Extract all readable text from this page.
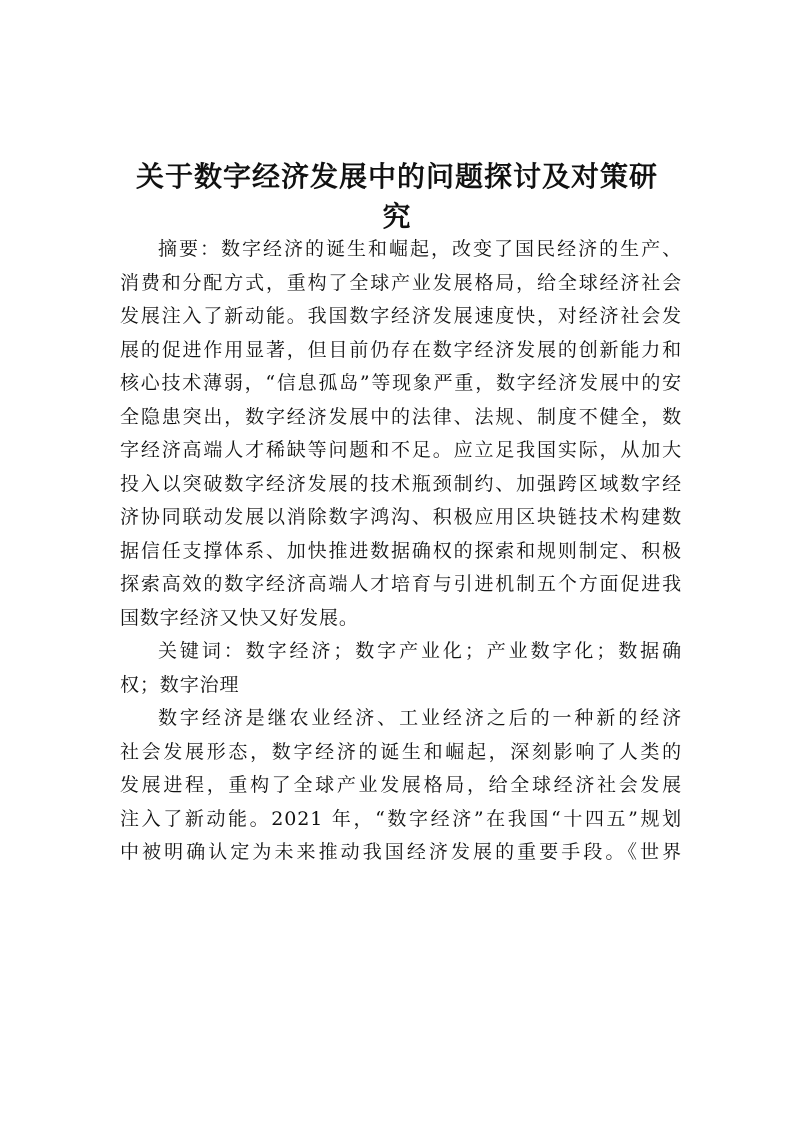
关于数字经济发展中的问题探讨及对策研
究
摘要：数字经济的诞生和崛起，改变了国民经济的生产、
消费和分配方式，重构了全球产业发展格局，给全球经济社会
发展注入了新动能。我国数字经济发展速度快，对经济社会发
展的促进作用显著，但目前仍存在数字经济发展的创新能力和
核心技术薄弱，“信息孤岛”等现象严重，数字经济发展中的安
全隐患突出，数字经济发展中的法律、法规、制度不健全，数
字经济高端人才稀缺等问题和不足。应立足我国实际，从加大
投入以突破数字经济发展的技术瓶颈制约、加强跨区域数字经
济协同联动发展以消除数字鸿沟、积极应用区块链技术构建数
据信任支撑体系、加快推进数据确权的探索和规则制定、积极
探索高效的数字经济高端人才培育与引进机制五个方面促进我
国数字经济又快又好发展。
关键词：数字经济；数字产业化；产业数字化；数据确
权；数字治理
数字经济是继农业经济、工业经济之后的一种新的经济
社会发展形态，数字经济的诞生和崛起，深刻影响了人类的
发展进程，重构了全球产业发展格局，给全球经济社会发展
注入了新动能。2021 年，“数字经济”在我国“十四五”规划
中被明确认定为未来推动我国经济发展的重要手段。《世界
